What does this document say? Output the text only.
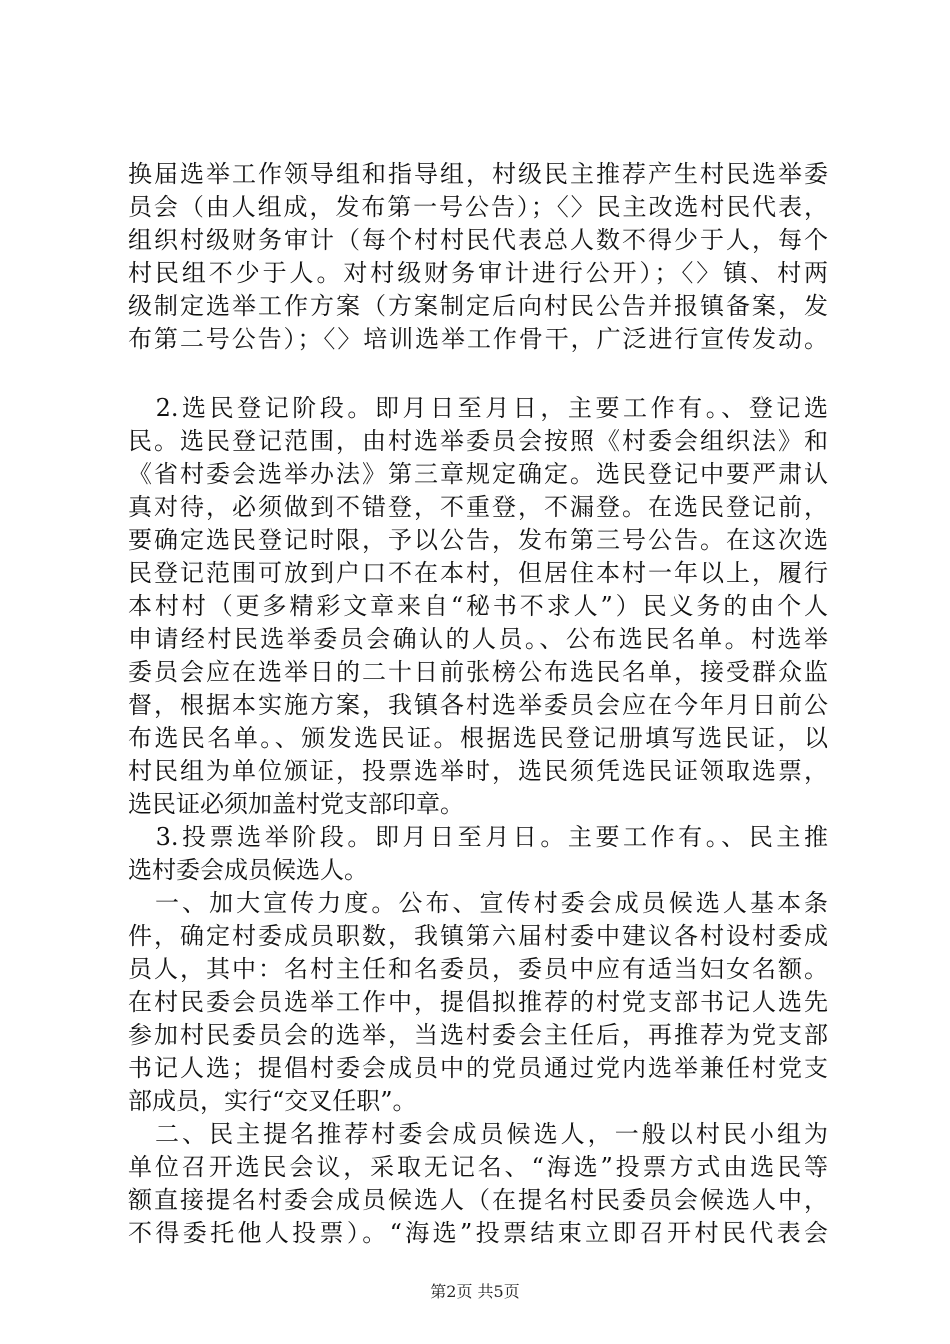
换届选举工作领导组和指导组，村级民主推荐产生村民选举委
员会（由人组成，发布第一号公告）；〈〉民主改选村民代表，
组织村级财务审计（每个村村民代表总人数不得少于人，每个
村民组不少于人。对村级财务审计进行公开）；〈〉镇、村两
级制定选举工作方案（方案制定后向村民公告并报镇备案，发
布第二号公告）；〈〉培训选举工作骨干，广泛进行宣传发动。
　2.选民登记阶段。即月日至月日，主要工作有。、登记选
民。选民登记范围，由村选举委员会按照《村委会组织法》和
《省村委会选举办法》第三章规定确定。选民登记中要严肃认
真对待，必须做到不错登，不重登，不漏登。在选民登记前，
要确定选民登记时限，予以公告，发布第三号公告。在这次选
民登记范围可放到户口不在本村，但居住本村一年以上，履行
本村村（更多精彩文章来自“秘书不求人”）民义务的由个人
申请经村民选举委员会确认的人员。、公布选民名单。村选举
委员会应在选举日的二十日前张榜公布选民名单，接受群众监
督，根据本实施方案，我镇各村选举委员会应在今年月日前公
布选民名单。、颁发选民证。根据选民登记册填写选民证，以
村民组为单位颁证，投票选举时，选民须凭选民证领取选票，
选民证必须加盖村党支部印章。
　3.投票选举阶段。即月日至月日。主要工作有。、民主推
选村委会成员候选人。
　一、加大宣传力度。公布、宣传村委会成员候选人基本条
件，确定村委成员职数，我镇第六届村委中建议各村设村委成
员人，其中：名村主任和名委员，委员中应有适当妇女名额。
在村民委会员选举工作中，提倡拟推荐的村党支部书记人选先
参加村民委员会的选举，当选村委会主任后，再推荐为党支部
书记人选；提倡村委会成员中的党员通过党内选举兼任村党支
部成员，实行“交叉任职”。
　二、民主提名推荐村委会成员候选人，一般以村民小组为
单位召开选民会议，采取无记名、“海选”投票方式由选民等
额直接提名村委会成员候选人（在提名村民委员会候选人中，
不得委托他人投票）。“海选”投票结束立即召开村民代表会
第2页 共5页
